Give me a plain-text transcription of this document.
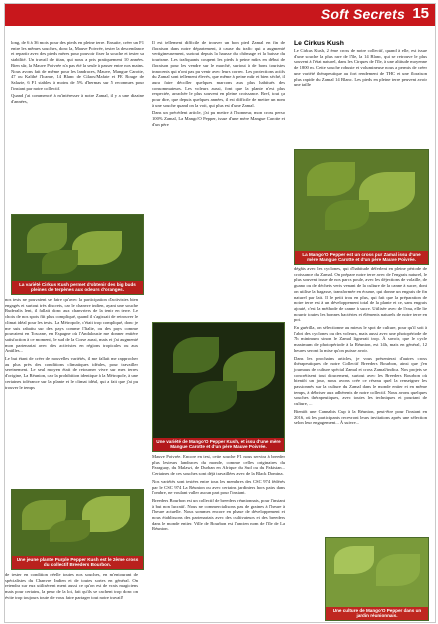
Soft Secrets 15

long, de 6 à 36 mois pour des pieds en pleine terre. Ensuite, créer un F1 entre les mêmes souches, donc la, Mauve Poivrée, tester la descendance et repartir avec des pieds mères pour pouvoir fixer la souche et tester sa stabilité. Un travail de titan, qui nous a pris pratiquement 10 années. Bien sûr, la Mauve Poivrée n'a pas été la seule à passer entre nos mains. Nous avons fait de même pour les landraces, Mauve, Mangue Carotte, 47 ou Kalihé l'Icame, 14 Blanc de Cilaos/Mafate et FE Rouge de Salazie, 6 F1 stables à moins de 5% d'hermas sur 5 reconnues pour l'instant par notre collectif.

Quand j'ai commencé à m'intéresser à notre Zamal, il y a une dizaine d'années,

La variété Cirkus Kush permet d'obtenir des big buds pleines de terpènes aux odeurs d'oranges.

nos tests ne pouvaient se faire qu'avec la participation d'activistes bien engagés et surtout très discrets, car le chanvre indien, ayant une souche Ruderalis lent, il fallait donc aux chanvriers de la tenir en terre. Le choix de nos spots fût plus compliqué, quand il s'agissait de retrouver le climat idéal pour les tests. La Métropole, c'était trop compliqué, donc je me suis rabattu sur des pays comme l'Italie, ou des pays comme pouvaient en Toscane, en Espagne où l'Andalousie me donner entière satisfaction à ce moment, le sud de la Corse aussi, mais et j'ai augmenté mon partenariat avec des activistes en régions tropicales ou aux Antilles...

Le but étant de créer de nouvelles variétés, il me fallait me rapprocher au plus près des conditions climatiques idéales, pour travailler sereinement. Le seul moyen était de retourner vivre sur mes terres d'origine, La Réunion, car la prohibition identique à la Métropole, à une certaines tolérance sur la plante et le climat idéal, qui a fait que j'ai pu trouver le temps

Une jeune plante Purple Pepper Kush est le 2ème cross du collectif Breeders Bourbon.

de tester en condition réelle toutes nos souches, en m'entourant de spécialistes du Chanvre Indien et de toutes sortes en général. On retendra sur eux utilisèrent ment aussi ce qu'on est de vrais magiciens mais pour certains, la peur de la loi, fait qu'ils se cachent trop donc on évite trop toujours toute de vous faire partager tout notre travail!

Il est tellement difficile de trouver un bon pied Zamal en fin de floraison dans notre département, à cause du trafic qui a augmenté vertigineusement, surtout depuis la hausse du chômage et la baisse du tourisme. Les trafiquants coupent les pieds à peine mûrs en début de floraison pour les vendre sur le marché, surtout à de bons touristes innocents qui n'ont pas pu venir avec leurs correc. Les protections actifs du Zamal sont tellement élevés, que même à peine mûr et bien séché, il aura faire décoller quelques marcons aux plus habitués des consommateurs. Les voleurs aussi, font que la plante n'est plus respectée, arrachée le plus souvent en pleine croissance. Bref, tout ça pour dire, que depuis quelques années, il est difficile de mettre un nom à une souche quand on la voit, qui plus est d'une Zamal.

Dans un précédent article, j'ai pu mettre à l'honneur, mon cross perso 100% Zamal, La Mango'O Pepper, issue d'une mère Mangue Carotte et d'un père

Une variété de Mango'O Pepper Kush, et issu d'une mère Mangue Carotte et d'un père Mauve Poivrée.

Mauve Poivrée. Encore en test, cette souche F1 nous servira à breeder plus lesieurs landraces du monde, comme celles originaires du Paraguay, du Malawi, de Durban en Afrique du Sud ou du Pakistan... Certaines de ces souches sont déjà travaillées avec de la Black Domina.

Nos variétés sont testées entre tous les membres des CSC 974 fédérés par le CSC 974 La Réunion ou avec certains jardiniers hors pairs dans l'ombre, ne voulant valler aucun part pour l'instant.

Breeders Bourbon est un collectif de breeders réunionnais, pour l'instant à but non lucratif. Nous ne commercialisons pas de graines à l'heure à l'heure actuelle. Nous sommes encore en phase de développement et nous établissons des partenariats avec des cultivateurs et des breeders dans le monde entier. Ville de Bourbon est l'ancien nom de l'île de La Réunion.

Le Cirkus Kush

Le Cirkus Kush, 2 ème cross de notre collectif, quand à elle, est issue d'une souche la plus rare de l'île, la 14 Blanc, qui se retrouve le plus souvent à l'état naturel, dans les Cirques de l'île, à une altitude moyenne de 1800 m. Cette souche robuste et volumineuse nous a permis de créer une variété thérapeutique au fort rendement de THC et une floraison plus rapide du Zamal 14 Blanc. Les pieds en pleine terre peuvent avoir une taille

La Mango'O Pepper est un cross pur Zamal issu d'une mère Mangue Carotte et d'un père Mauve Poivrée.

dégâts avec les cyclones, qui d'habitude déferlent en pleine période de croissance du Zamal. On prépare notre terre avec de l'engrais naturel, le plus souvent issue de nos parcs poule, avec les déjections de volaille, de guano ou de déchets verts venant de la culture de la canne à sucre, dont on utilise la bagasse, transformée en écume, qui donne un engrais de fin naturel par lait. Il le petit trou en plus, qui fait que la préparation de notre terre est à un développement total de la plante et ce, sans engrais ajouté, c'est la méthode de canne à sucre. Utilisée avec de l'eau, elle lie nourrir toutes les bonnes bactéries et éléments naturels de notre terre en pot.

En guérilla, on sélectionne au mieux le spot de culture, pour qu'il soit à l'abri des cyclones ou des voleurs, mais aussi avec une photopériode de 7h minimum sinon le Zamal lignerait trop. À savoir, que le cycle maximum de photopériode à la Réunion, est 14h, mais en général, 12 heures seront la mise qu'on puisse avoir.

Dans les prochains articles, je vous présenterai d'autres cross thérapeutiques de notre Collectif Breeders Bourbon, ainsi que j'en journaux de culture spécial Zamal et cross Zamal/indica. Nos projets se concrétisent tout doucement, surtout avec les Breeders Bourbon où bientôt un jour, nous avons crée ce réseau quel la renseigner les passionnés sur la culture du Zamal dans le monde entier et en même temps, à débriser aux adhérents de notre collectif. Nous avons quelques souches thérapeutiques, avec toutes les techniques et pourtant de culture, ...

Bientôt une Cannabis Cup à la Réunion, peut-être pour l'instant en 2016, où les participants recevront leurs invitations après une sélection selon leur engagement... À suivre...

Une culture de Mango'O Pepper dans un jardin réunionnais.
